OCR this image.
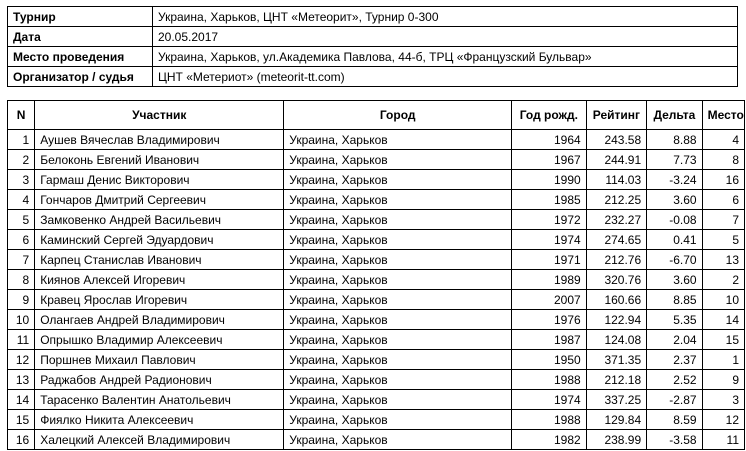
Турнир	Украина, Харьков, ЦНТ «Метеорит», Турнир 0-300
Дата	20.05.2017
Место проведения	Украина, Харьков, ул.Академика Павлова, 44-б, ТРЦ «Французский Бульвар»
Организатор / судья	ЦНТ «Метериот» (meteorit-tt.com)
N	Участник	Город	Год рожд.	Рейтинг	Дельта	Место
1	Аушев Вячеслав Владимирович	Украина, Харьков	1964	243.58	8.88	4
2	Белоконь Евгений Иванович	Украина, Харьков	1967	244.91	7.73	8
3	Гармаш Денис Викторович	Украина, Харьков	1990	114.03	-3.24	16
4	Гончаров Дмитрий Сергеевич	Украина, Харьков	1985	212.25	3.60	6
5	Замковенко Андрей Васильевич	Украина, Харьков	1972	232.27	-0.08	7
6	Каминский Сергей Эдуардович	Украина, Харьков	1974	274.65	0.41	5
7	Карпец Станислав Иванович	Украина, Харьков	1971	212.76	-6.70	13
8	Киянов Алексей Игоревич	Украина, Харьков	1989	320.76	3.60	2
9	Кравец Ярослав Игоревич	Украина, Харьков	2007	160.66	8.85	10
10	Олангаев Андрей Владимирович	Украина, Харьков	1976	122.94	5.35	14
11	Опрышко Владимир Алексеевич	Украина, Харьков	1987	124.08	2.04	15
12	Поршнев Михаил Павлович	Украина, Харьков	1950	371.35	2.37	1
13	Раджабов Андрей Радионович	Украина, Харьков	1988	212.18	2.52	9
14	Тарасенко Валентин Анатольевич	Украина, Харьков	1974	337.25	-2.87	3
15	Фиялко Никита Алексеевич	Украина, Харьков	1988	129.84	8.59	12
16	Халецкий Алексей Владимирович	Украина, Харьков	1982	238.99	-3.58	11
